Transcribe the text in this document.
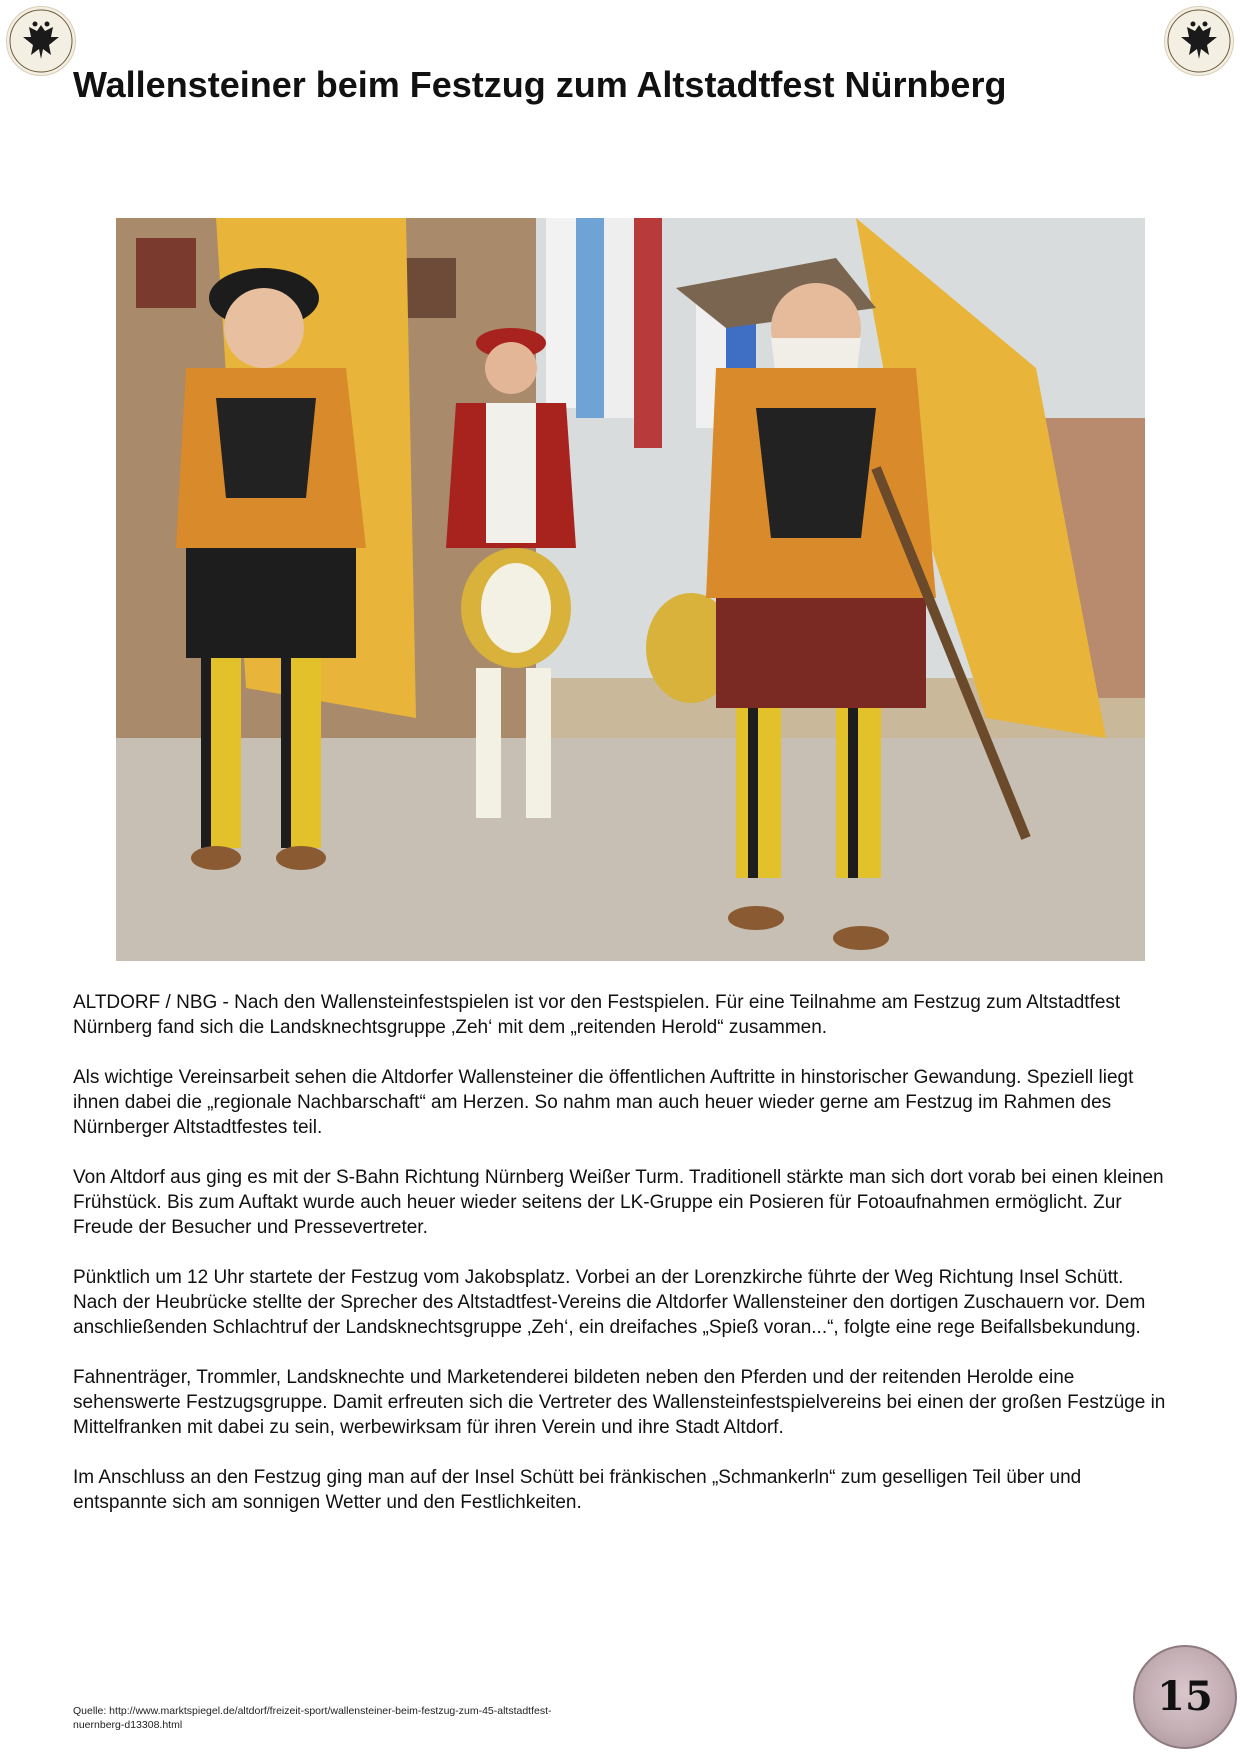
Wallensteiner beim Festzug zum Altstadtfest Nürnberg

ALTDORF / NBG - Nach den Wallensteinfestspielen ist vor den Festspielen. Für eine Teilnahme am Festzug zum Altstadtfest Nürnberg fand sich die Landsknechtsgruppe ‚Zeh‘ mit dem „reitenden Herold“ zusammen.

Als wichtige Vereinsarbeit sehen die Altdorfer Wallensteiner die öffentlichen Auftritte in hinstorischer Gewandung. Speziell liegt ihnen dabei die „regionale Nachbarschaft“ am Herzen. So nahm man auch heuer wieder gerne am Festzug im Rahmen des Nürnberger Altstadtfestes teil.

Von Altdorf aus ging es mit der S-Bahn Richtung Nürnberg Weißer Turm. Traditionell stärkte man sich dort vorab bei einen kleinen Frühstück. Bis zum Auftakt wurde auch heuer wieder seitens der LK-Gruppe ein Posieren für Fotoaufnahmen ermöglicht. Zur Freude der Besucher und Pressevertreter.

Pünktlich um 12 Uhr startete der Festzug vom Jakobsplatz. Vorbei an der Lorenzkirche führte der Weg Richtung Insel Schütt. Nach der Heubrücke stellte der Sprecher des Altstadtfest-Vereins die Altdorfer Wallensteiner den dortigen Zuschauern vor. Dem anschließenden Schlachtruf der Landsknechtsgruppe ‚Zeh‘, ein dreifaches „Spieß voran...“, folgte eine rege Beifallsbekundung.

Fahnenträger, Trommler, Landsknechte und Marketenderei bildeten neben den Pferden und der reitenden Herolde eine sehenswerte Festzugsgruppe. Damit erfreuten sich die Vertreter des Wallensteinfestspielvereins bei einen der großen Festzüge in Mittelfranken mit dabei zu sein, werbewirksam für ihren Verein und ihre Stadt Altdorf.

Im Anschluss an den Festzug ging man auf der Insel Schütt bei fränkischen „Schmankerln“ zum geselligen Teil über und entspannte sich am sonnigen Wetter und den Festlichkeiten.

Quelle: http://www.marktspiegel.de/altdorf/freizeit-sport/wallensteiner-beim-festzug-zum-45-altstadtfest-nuernberg-d13308.html
15
